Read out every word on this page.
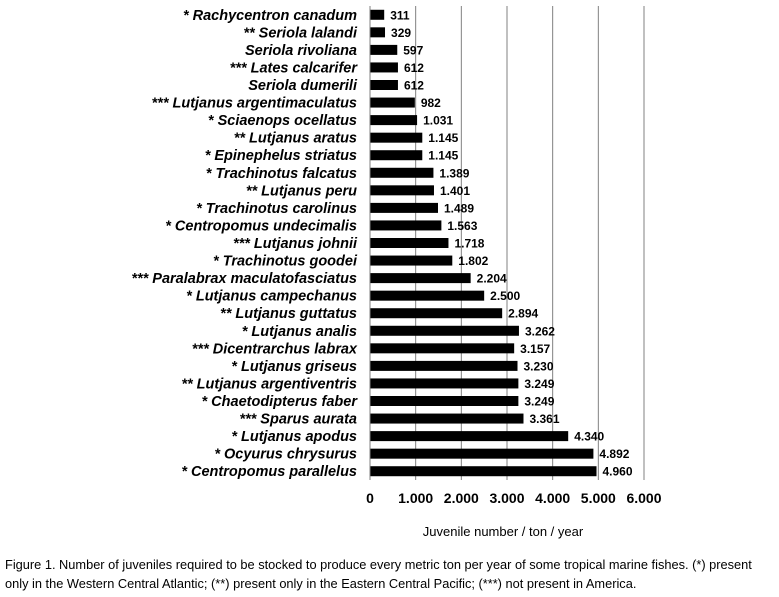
* Rachycentron canadum
** Seriola lalandi
Seriola rivoliana
*** Lates calcarifer
Seriola dumerili
*** Lutjanus argentimaculatus
* Sciaenops ocellatus
** Lutjanus aratus
* Epinephelus striatus
* Trachinotus falcatus
** Lutjanus peru
* Trachinotus carolinus
* Centropomus undecimalis
*** Lutjanus johnii
* Trachinotus goodei
*** Paralabrax maculatofasciatus
* Lutjanus campechanus
** Lutjanus guttatus
* Lutjanus analis
*** Dicentrarchus labrax
* Lutjanus griseus
** Lutjanus argentiventris
* Chaetodipterus faber
*** Sparus aurata
* Lutjanus apodus
* Ocyurus chrysurus
* Centropomus parallelus
311
329
597
612
612
982
1.031
1.145
1.145
1.389
1.401
1.489
1.563
1.718
1.802
2.204
2.500
2.894
3.262
3.157
3.230
3.249
3.249
3.361
4.340
4.892
4.960
0 1.000 2.000 3.000 4.000 5.000 6.000
Juvenile number / ton / year
Figure 1. Number of juveniles required to be stocked to produce every metric ton per year of some tropical marine fishes. (*) present only in the Western Central Atlantic; (**) present only in the Eastern Central Pacific; (***) not present in America.
